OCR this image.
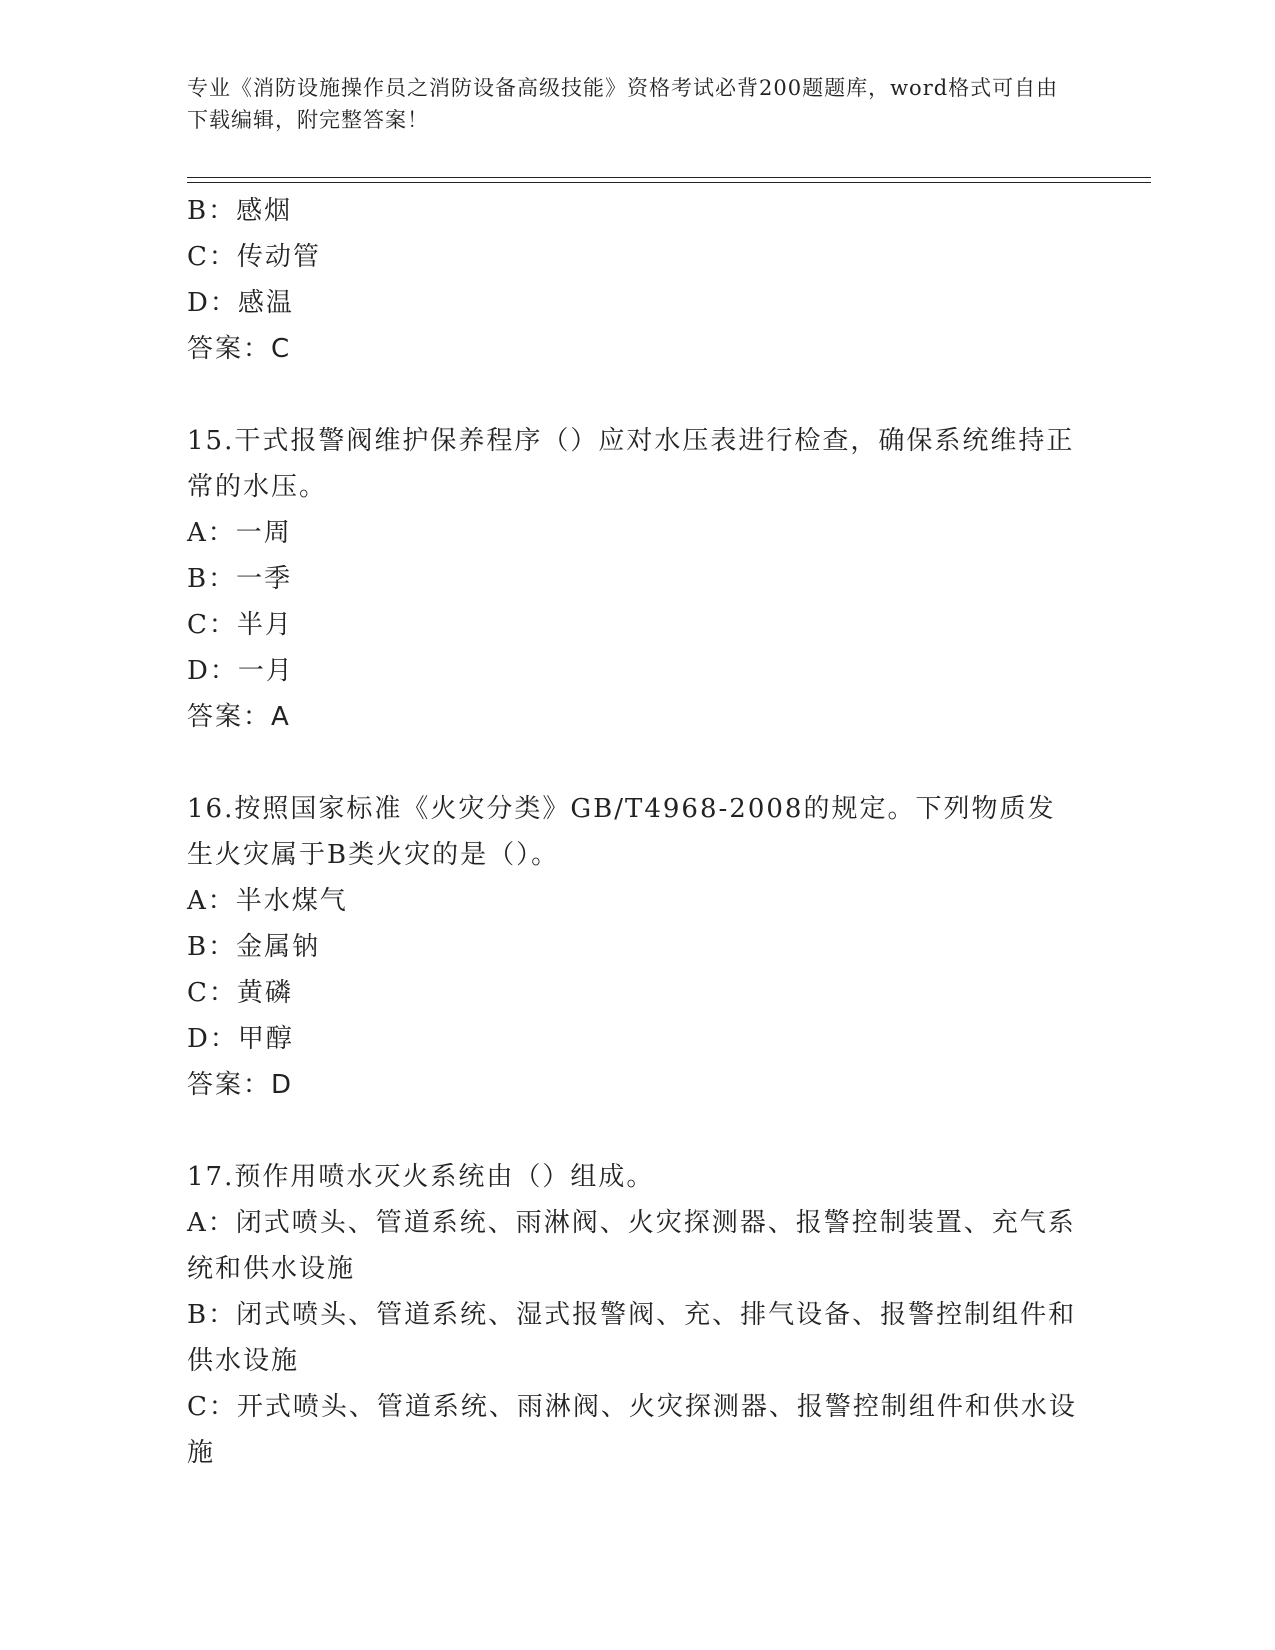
专业《消防设施操作员之消防设备高级技能》资格考试必背200题题库，word格式可自由下载编辑，附完整答案！

B：感烟

C：传动管

D：感温

答案：C

15.干式报警阀维护保养程序（）应对水压表进行检查，确保系统维持正常的水压。

A：一周

B：一季

C：半月

D：一月

答案：A

16.按照国家标准《火灾分类》GB/T4968-2008的规定。下列物质发生火灾属于B类火灾的是（）。

A：半水煤气

B：金属钠

C：黄磷

D：甲醇

答案：D

17.预作用喷水灭火系统由（）组成。

A：闭式喷头、管道系统、雨淋阀、火灾探测器、报警控制装置、充气系统和供水设施

B：闭式喷头、管道系统、湿式报警阀、充、排气设备、报警控制组件和供水设施

C：开式喷头、管道系统、雨淋阀、火灾探测器、报警控制组件和供水设施
